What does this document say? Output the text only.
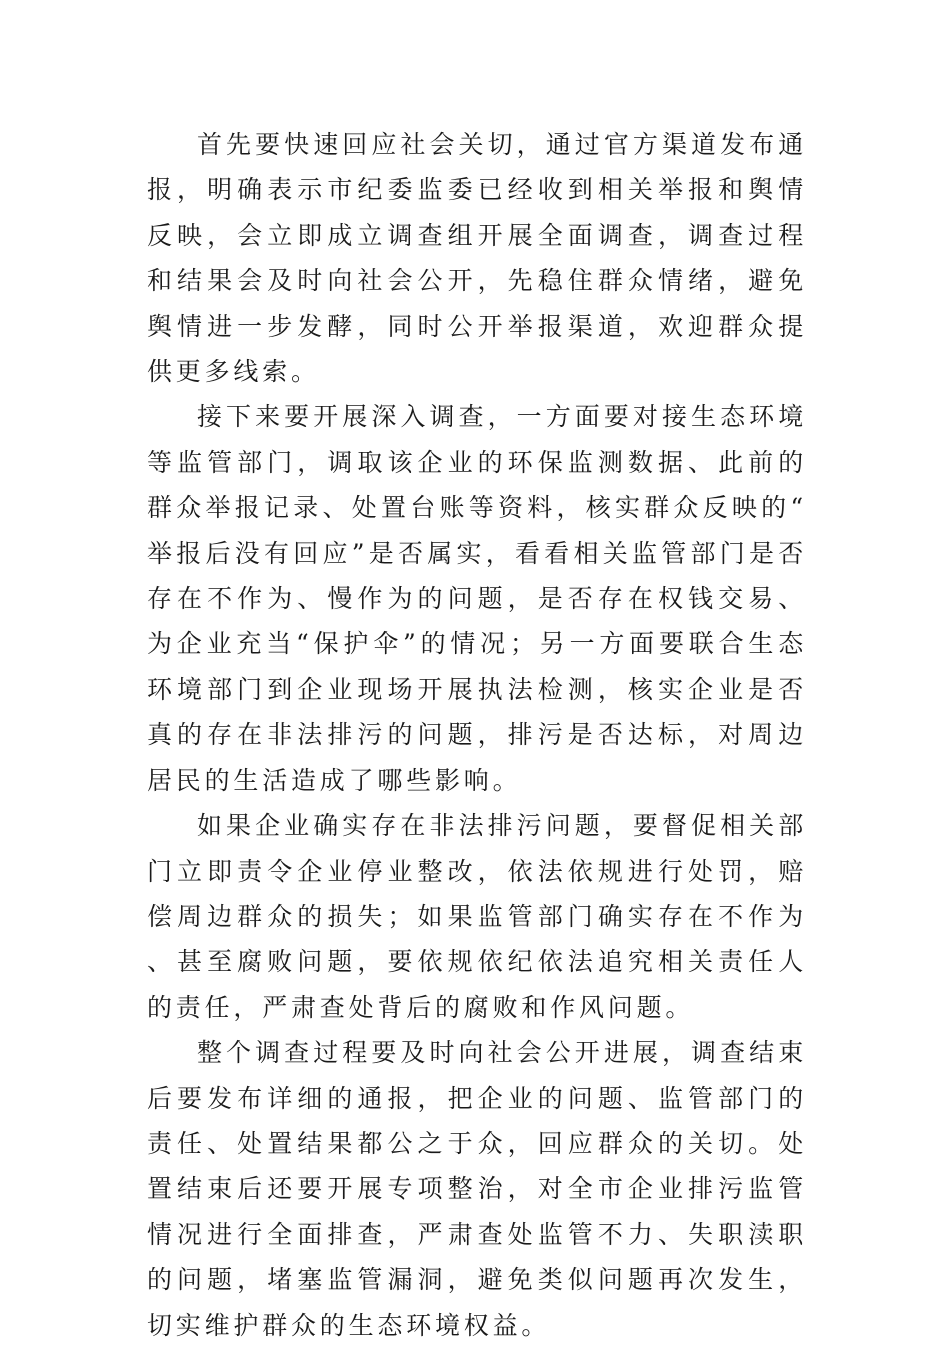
首先要快速回应社会关切，通过官方渠道发布通报，明确表示市纪委监委已经收到相关举报和舆情反映，会立即成立调查组开展全面调查，调查过程和结果会及时向社会公开，先稳住群众情绪，避免舆情进一步发酵，同时公开举报渠道，欢迎群众提供更多线索。

接下来要开展深入调查，一方面要对接生态环境等监管部门，调取该企业的环保监测数据、此前的群众举报记录、处置台账等资料，核实群众反映的“举报后没有回应”是否属实，看看相关监管部门是否存在不作为、慢作为的问题，是否存在权钱交易、为企业充当“保护伞”的情况；另一方面要联合生态环境部门到企业现场开展执法检测，核实企业是否真的存在非法排污的问题，排污是否达标，对周边居民的生活造成了哪些影响。

如果企业确实存在非法排污问题，要督促相关部门立即责令企业停业整改，依法依规进行处罚，赔偿周边群众的损失；如果监管部门确实存在不作为、甚至腐败问题，要依规依纪依法追究相关责任人的责任，严肃查处背后的腐败和作风问题。

整个调查过程要及时向社会公开进展，调查结束后要发布详细的通报，把企业的问题、监管部门的责任、处置结果都公之于众，回应群众的关切。处置结束后还要开展专项整治，对全市企业排污监管情况进行全面排查，严肃查处监管不力、失职渎职的问题，堵塞监管漏洞，避免类似问题再次发生，切实维护群众的生态环境权益。
